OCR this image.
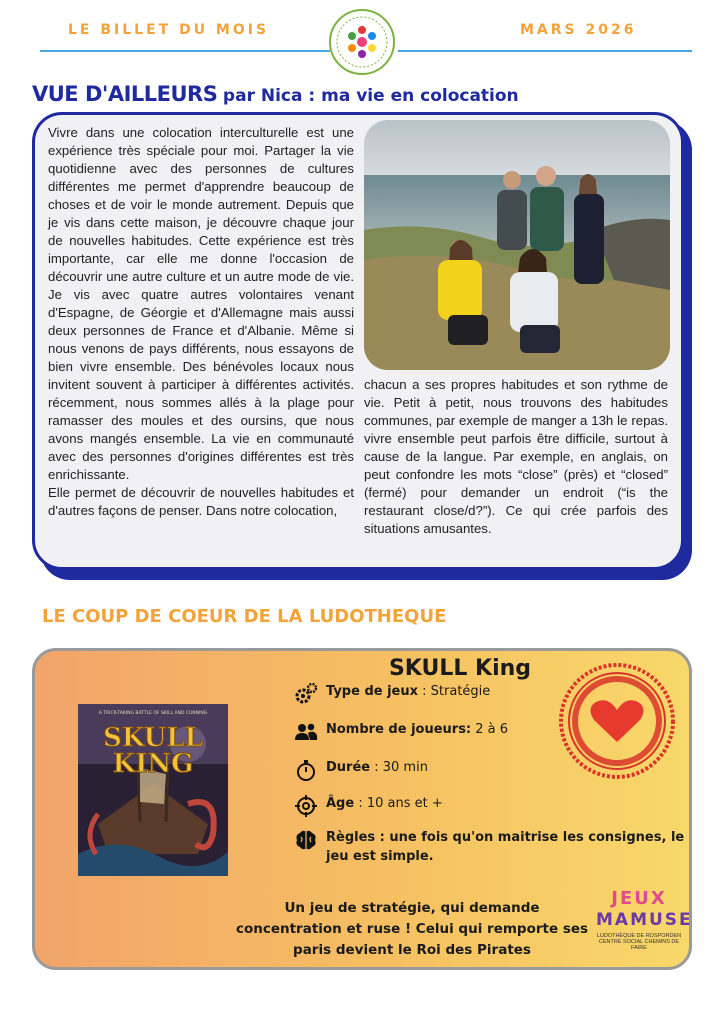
LE BILLET DU MOIS	MARS 2026
VUE D'AILLEURS par Nica : ma vie en colocation

Vivre dans une colocation interculturelle est une expérience très spéciale pour moi. Partager la vie quotidienne avec des personnes de cultures différentes me permet d'apprendre beaucoup de choses et de voir le monde autrement. Depuis que je vis dans cette maison, je découvre chaque jour de nouvelles habitudes. Cette expérience est très importante, car elle me donne l'occasion de découvrir une autre culture et un autre mode de vie. Je vis avec quatre autres volontaires venant d'Espagne, de Géorgie et d'Allemagne mais aussi deux personnes de France et d'Albanie. Même si nous venons de pays différents, nous essayons de bien vivre ensemble. Des bénévoles locaux nous invitent souvent à participer à différentes activités. récemment, nous sommes allés à la plage pour ramasser des moules et des oursins, que nous avons mangés ensemble. La vie en communauté avec des personnes d'origines différentes est très enrichissante.

Elle permet de découvrir de nouvelles habitudes et d'autres façons de penser. Dans notre colocation,

chacun a ses propres habitudes et son rythme de vie. Petit à petit, nous trouvons des habitudes communes, par exemple de manger a 13h le repas. vivre ensemble peut parfois être difficile, surtout à cause de la langue. Par exemple, en anglais, on peut confondre les mots “close” (près) et “closed” (fermé) pour demander un endroit (“is the restaurant close/d?”). Ce qui crée parfois des situations amusantes.

LE COUP DE COEUR DE LA LUDOTHEQUE
A TRICK-TAKING BATTLE OF SKILL AND CUNNING
SKULL
KING
SKULL King
Type de jeux : Stratégie
Nombre de joueurs: 2 à 6
Durée : 30 min
Âge : 10 ans et +
Règles : une fois qu'on maitrise les consignes, le jeu est simple.
Un jeu de stratégie, qui demande concentration et ruse ! Celui qui remporte ses paris devient le Roi des Pirates
JEUX
MAMUSE
LUDOTHÈQUE DE ROSPORDEN
CENTRE SOCIAL CHEMINS DE FAIRE
